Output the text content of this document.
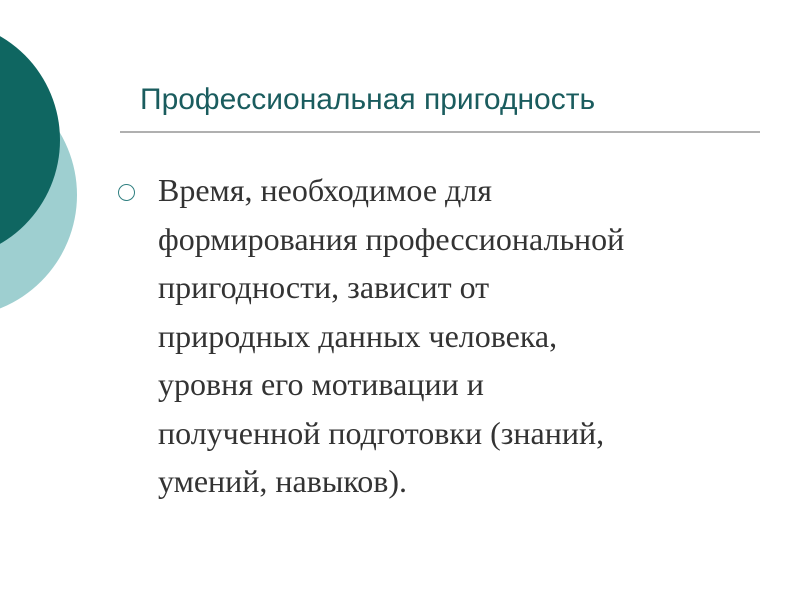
Профессиональная пригодность
Время, необходимое для
формирования профессиональной
пригодности, зависит от
природных данных человека,
уровня его мотивации и
полученной подготовки (знаний,
умений, навыков).
